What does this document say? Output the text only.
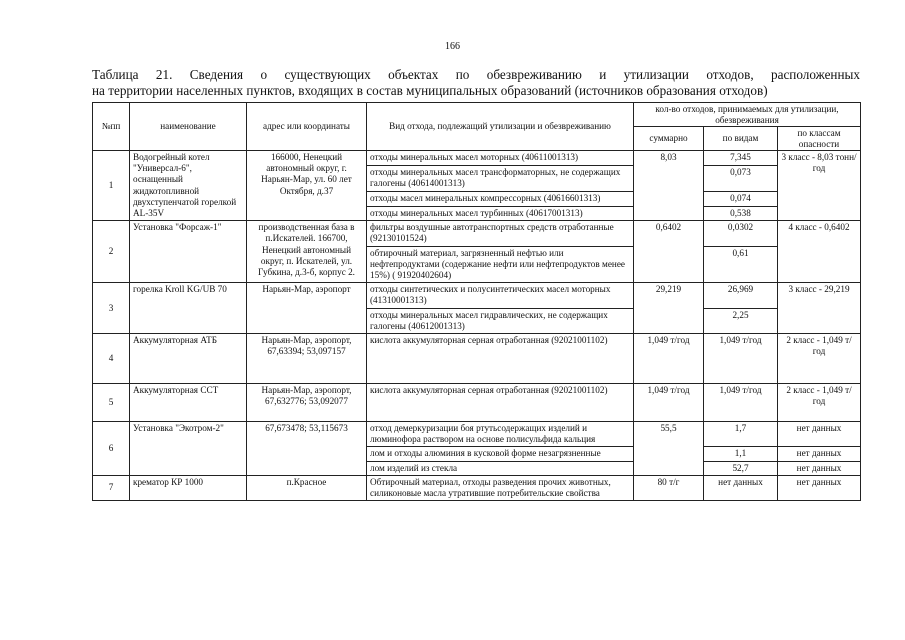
166
Таблица 21. Сведения о существующих объектах по обезвреживанию и утилизации отходов, расположенных
на территории населенных пунктов, входящих в состав муниципальных образований (источников образования отходов)
№пп	наименование	адрес или координаты	Вид отхода, подлежащий утилизации и обезвреживанию	кол-во отходов, принимаемых для утилизации, обезвреживания		
				суммарно	по видам	по классам опасности
1	Водогрейный котел "Универсал-6", оснащенный жидкотопливной двухступенчатой горелкой AL-35V	166000, Ненецкий автономный округ, г. Нарьян-Мар, ул. 60 лет Октября, д.37	отходы минеральных масел моторных (40611001313)	8,03	7,345	3 класс - 8,03 тонн/год
			отходы минеральных масел трансформаторных, не содержащих галогены (40614001313)		0,073	
			отходы масел минеральных компрессорных (40616601313)		0,074	
			отходы минеральных масел турбинных (40617001313)		0,538	
2	Установка "Форсаж-1"	производственная база в п.Искателей. 166700, Ненецкий автономный округ, п. Искателей, ул. Губкина, д.3-б, корпус 2.	фильтры воздушные автотранспортных средств отработанные (92130101524)	0,6402	0,0302	4 класс - 0,6402
			обтирочный материал, загрязненный нефтью или нефтепродуктами (содержание нефти или нефтепродуктов менее 15%) ( 91920402604)		0,61	
3	горелка Kroll KG/UB 70	Нарьян-Мар, аэропорт	отходы синтетических и полусинтетических масел моторных (41310001313)	29,219	26,969	3 класс - 29,219
			отходы минеральных масел гидравлических, не содержащих галогены (40612001313)		2,25	
4	Аккумуляторная АТБ	Нарьян-Мар, аэропорт, 67,63394; 53,097157	кислота аккумуляторная серная отработанная (92021001102)	1,049 т/год	1,049 т/год	2 класс - 1,049 т/год
5	Аккумуляторная ССТ	Нарьян-Мар, аэропорт, 67,632776; 53,092077	кислота аккумуляторная серная отработанная (92021001102)	1,049 т/год	1,049 т/год	2 класс - 1,049 т/год
6	Установка "Экотром-2"	67,673478; 53,115673	отход демеркуризации боя ртутьсодержащих изделий и люминофора раствором на основе полисульфида кальция	55,5	1,7	нет данных
			лом и отходы алюминия в кусковой форме незагрязненные		1,1	нет данных
			лом изделий из стекла		52,7	нет данных
7	крематор КР 1000	п.Красное	Обтирочный материал, отходы разведения прочих животных, силиконовые масла утратившие потребительские свойства	80 т/г	нет данных	нет данных
